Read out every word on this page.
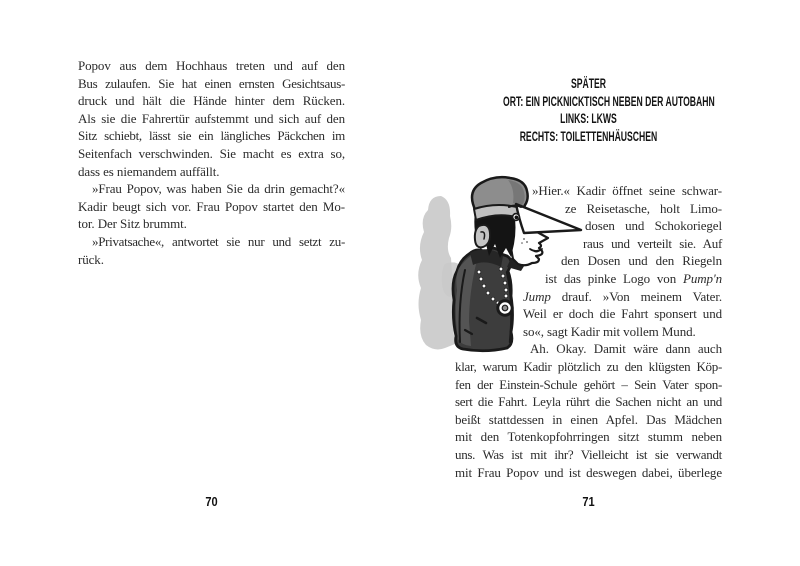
Popov aus dem Hochhaus treten und auf den
Bus zulaufen. Sie hat einen ernsten Gesichtsaus-
druck und hält die Hände hinter dem Rücken.
Als sie die Fahrertür aufstemmt und sich auf den
Sitz schiebt, lässt sie ein längliches Päckchen im
Seitenfach verschwinden. Sie macht es extra so,
dass es niemandem auffällt.
»Frau Popov, was haben Sie da drin gemacht?«
Kadir beugt sich vor. Frau Popov startet den Mo-
tor. Der Sitz brummt.
»Privatsache«, antwortet sie nur und setzt zu-
rück.
70
SPÄTER
ORT: EIN PICKNICKTISCH NEBEN DER AUTOBAHN
LINKS: LKWS
RECHTS: TOILETTENHÄUSCHEN
»Hier.« Kadir öffnet seine schwar-
ze Reisetasche, holt Limo-
dosen und Schokoriegel
raus und verteilt sie. Auf
den Dosen und den Riegeln
ist das pinke Logo von Pump'n
Jump drauf. »Von meinem Vater.
Weil er doch die Fahrt sponsert und
so«, sagt Kadir mit vollem Mund.
Ah. Okay. Damit wäre dann auch
klar, warum Kadir plötzlich zu den klügsten Köp-
fen der Einstein-Schule gehört – Sein Vater spon-
sert die Fahrt. Leyla rührt die Sachen nicht an und
beißt stattdessen in einen Apfel. Das Mädchen
mit den Totenkopfohrringen sitzt stumm neben
uns. Was ist mit ihr? Vielleicht ist sie verwandt
mit Frau Popov und ist deswegen dabei, überlege
71
